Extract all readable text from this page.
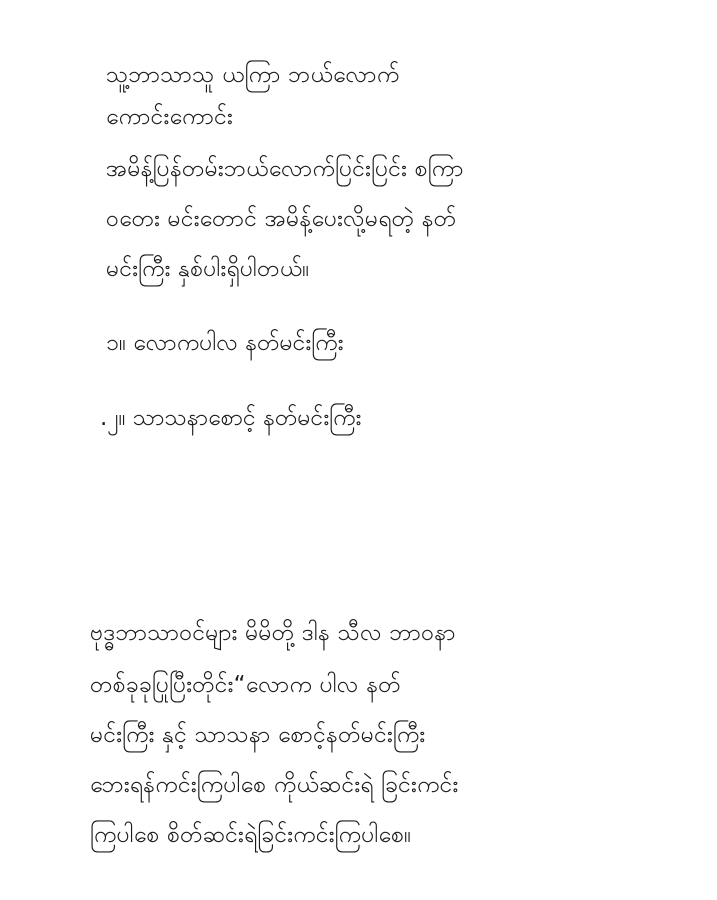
သူ့ဘာသာသူ ယကြာ ဘယ်လောက်
ကောင်းကောင်း
အမိန့်ပြန်တမ်းဘယ်လောက်ပြင်းပြင်း စကြာ
ဝတေး မင်းတောင် အမိန့်ပေးလို့မရတဲ့ နတ်
မင်းကြီး နှစ်ပါးရှိပါတယ်။
၁။ လောကပါလ နတ်မင်းကြီး
.၂။ သာသနာစောင့် နတ်မင်းကြီး
ဗုဒ္ဓဘာသာဝင်များ မိမိတို့ ဒါန သီလ ဘာဝနာ
တစ်ခုခုပြုပြီးတိုင်း“လောက ပါလ နတ်
မင်းကြီး နှင့် သာသနာ စောင့်နတ်မင်းကြီး
ဘေးရန်ကင်းကြပါစေ ကိုယ်ဆင်းရဲ ခြင်းကင်း
ကြပါစေ စိတ်ဆင်းရဲခြင်းကင်းကြပါစေ။
